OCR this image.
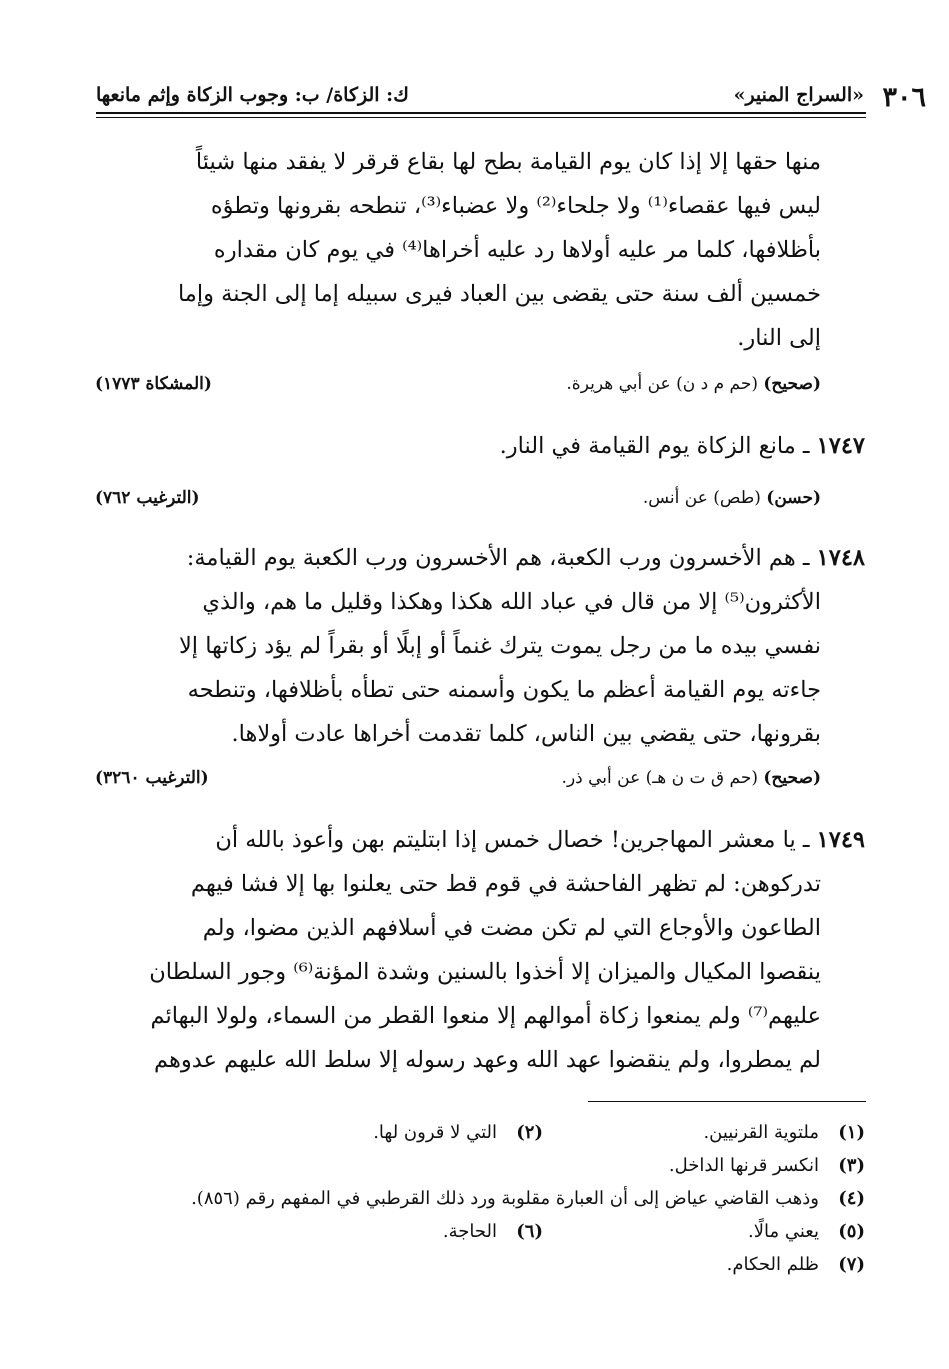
٣٠٦
«السراج المنير»
ك: الزكاة/ ب: وجوب الزكاة وإثم مانعها
منها حقها إلا إذا كان يوم القيامة بطح لها بقاع قرقر لا يفقد منها شيئاً
ليس فيها عقصاء⁽¹⁾ ولا جلحاء⁽²⁾ ولا عضباء⁽³⁾، تنطحه بقرونها وتطؤه
بأظلافها، كلما مر عليه أولاها رد عليه أخراها⁽⁴⁾ في يوم كان مقداره
خمسين ألف سنة حتى يقضى بين العباد فيرى سبيله إما إلى الجنة وإما
إلى النار.
(صحيح) (حم م د ن) عن أبي هريرة.
(المشكاة ١٧٧٣)
١٧٤٧ ـ مانع الزكاة يوم القيامة في النار.
(حسن) (طص) عن أنس.
(الترغيب ٧٦٢)
١٧٤٨ ـ هم الأخسرون ورب الكعبة، هم الأخسرون ورب الكعبة يوم القيامة:
الأكثرون⁽⁵⁾ إلا من قال في عباد الله هكذا وهكذا وقليل ما هم، والذي
نفسي بيده ما من رجل يموت يترك غنماً أو إبلًا أو بقراً لم يؤد زكاتها إلا
جاءته يوم القيامة أعظم ما يكون وأسمنه حتى تطأه بأظلافها، وتنطحه
بقرونها، حتى يقضي بين الناس، كلما تقدمت أخراها عادت أولاها.
(صحيح) (حم ق ت ن هـ) عن أبي ذر.
(الترغيب ٣٢٦٠)
١٧٤٩ ـ يا معشر المهاجرين! خصال خمس إذا ابتليتم بهن وأعوذ بالله أن
تدركوهن: لم تظهر الفاحشة في قوم قط حتى يعلنوا بها إلا فشا فيهم
الطاعون والأوجاع التي لم تكن مضت في أسلافهم الذين مضوا، ولم
ينقصوا المكيال والميزان إلا أخذوا بالسنين وشدة المؤنة⁽⁶⁾ وجور السلطان
عليهم⁽⁷⁾ ولم يمنعوا زكاة أموالهم إلا منعوا القطر من السماء، ولولا البهائم
لم يمطروا، ولم ينقضوا عهد الله وعهد رسوله إلا سلط الله عليهم عدوهم
(١)ملتوية القرنيين.
(٢)التي لا قرون لها.
(٣)انكسر قرنها الداخل.
(٤)وذهب القاضي عياض إلى أن العبارة مقلوبة ورد ذلك القرطبي في المفهم رقم (٨٥٦).
(٥)يعني مالًا.
(٦)الحاجة.
(٧)ظلم الحكام.
